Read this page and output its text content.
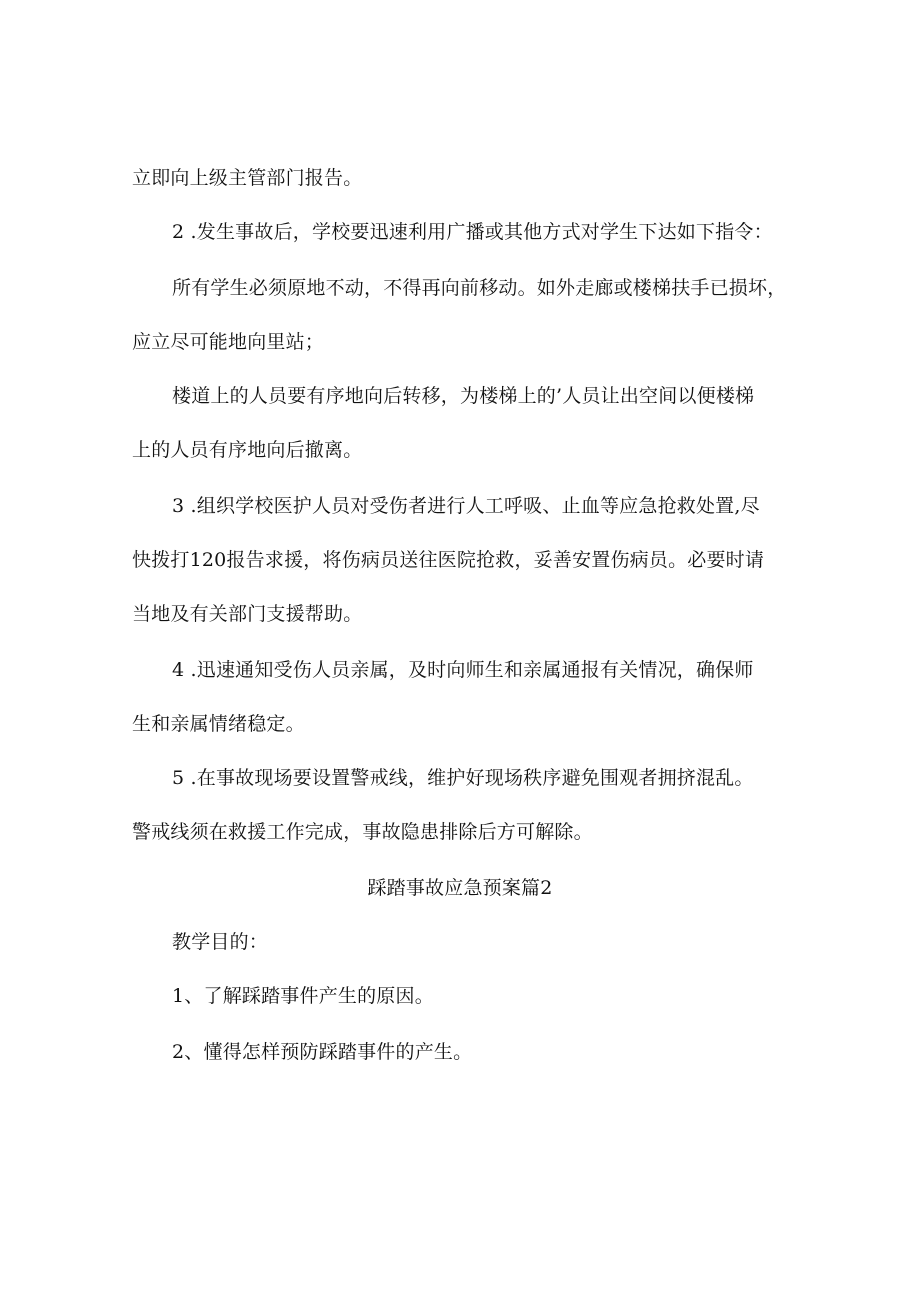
立即向上级主管部门报告。
2 .发生事故后，学校要迅速利用广播或其他方式对学生下达如下指令：
所有学生必须原地不动，不得再向前移动。如外走廊或楼梯扶手已损坏，
应立尽可能地向里站；
楼道上的人员要有序地向后转移，为楼梯上的’人员让出空间以便楼梯
上的人员有序地向后撤离。
3 .组织学校医护人员对受伤者进行人工呼吸、止血等应急抢救处置,尽
快拨打120报告求援，将伤病员送往医院抢救，妥善安置伤病员。必要时请
当地及有关部门支援帮助。
4 .迅速通知受伤人员亲属，及时向师生和亲属通报有关情况，确保师
生和亲属情绪稳定。
5 .在事故现场要设置警戒线，维护好现场秩序避免围观者拥挤混乱。
警戒线须在救援工作完成，事故隐患排除后方可解除。
踩踏事故应急预案篇2
教学目的：
1、了解踩踏事件产生的原因。
2、懂得怎样预防踩踏事件的产生。
